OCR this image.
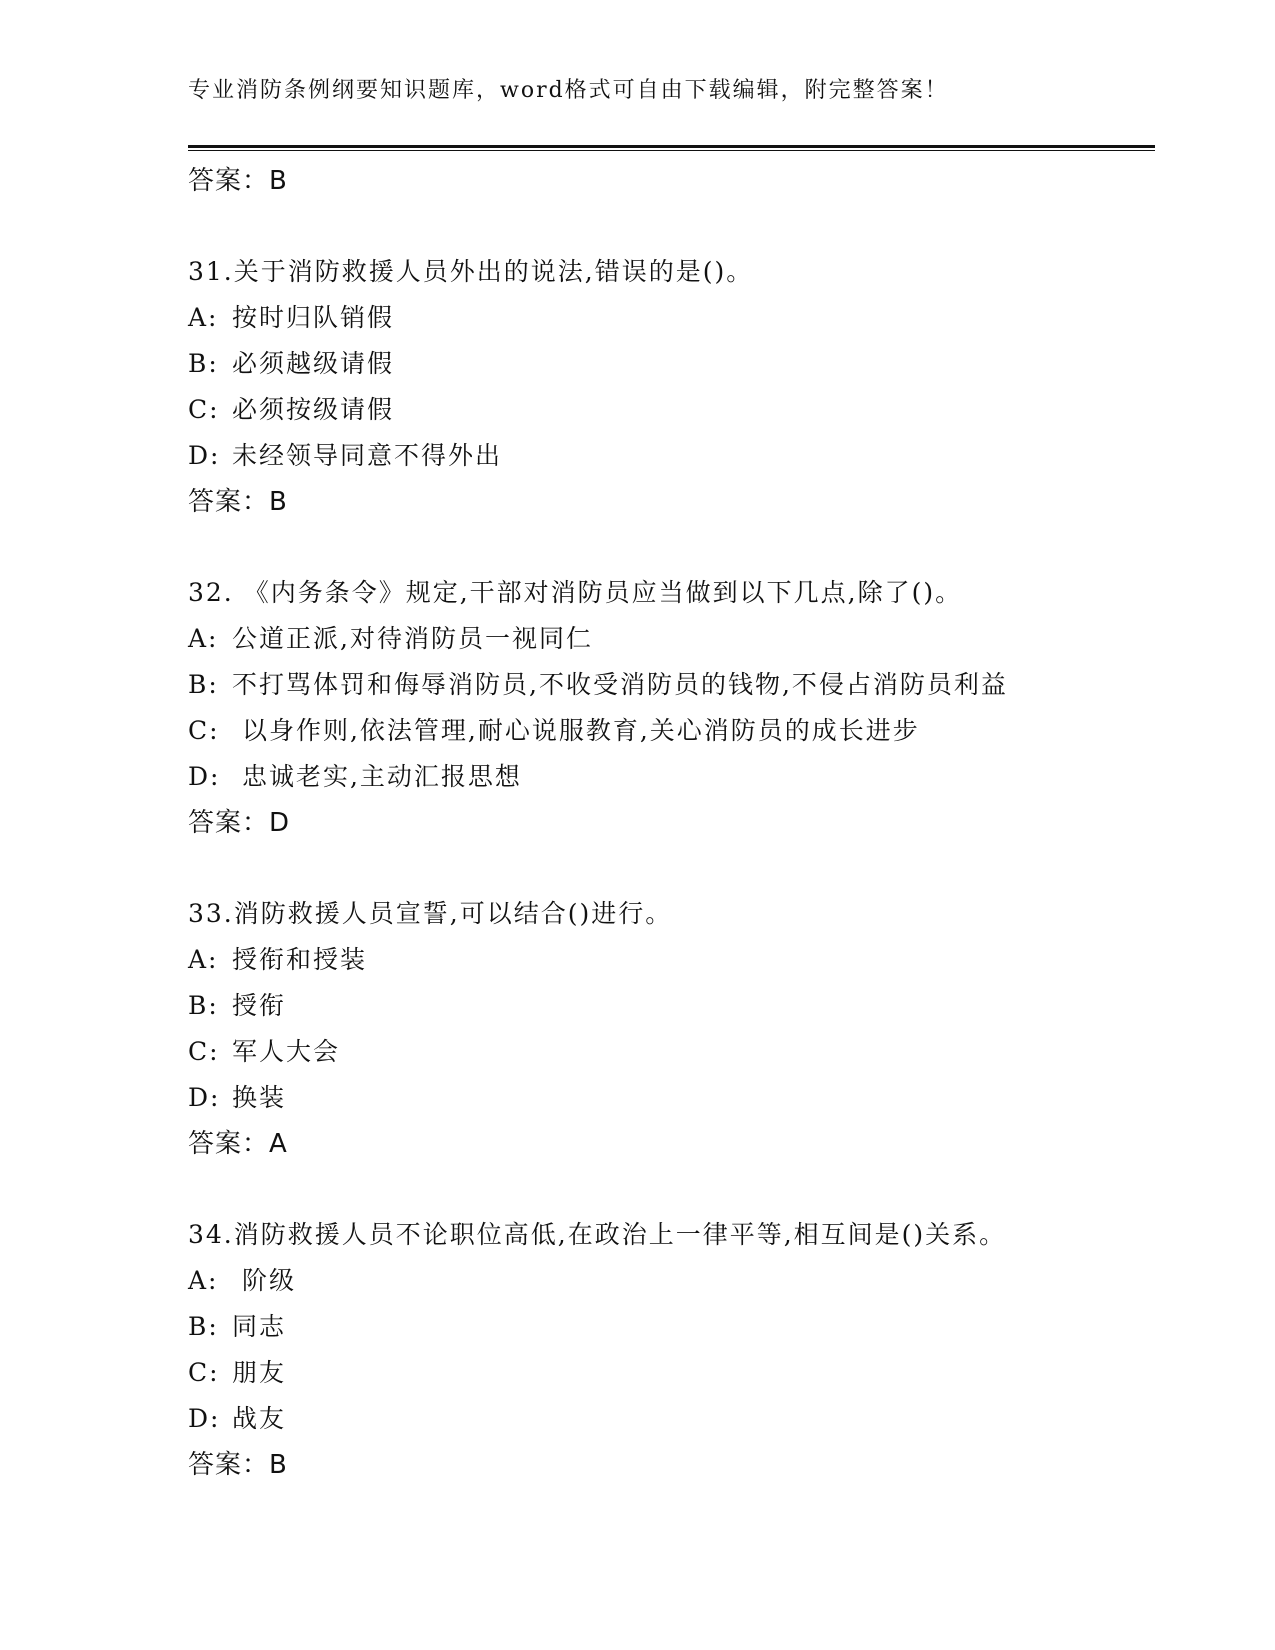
专业消防条例纲要知识题库，word格式可自由下载编辑，附完整答案！
答案：B
31.关于消防救援人员外出的说法,错误的是()。
A: 按时归队销假
B: 必须越级请假
C: 必须按级请假
D: 未经领导同意不得外出
答案：B
32. 《内务条令》规定,干部对消防员应当做到以下几点,除了()。
A: 公道正派,对待消防员一视同仁
B: 不打骂体罚和侮辱消防员,不收受消防员的钱物,不侵占消防员利益
C: 以身作则,依法管理,耐心说服教育,关心消防员的成长进步
D: 忠诚老实,主动汇报思想
答案：D
33.消防救援人员宣誓,可以结合()进行。
A: 授衔和授装
B: 授衔
C: 军人大会
D: 换装
答案：A
34.消防救援人员不论职位高低,在政治上一律平等,相互间是()关系。
A: 阶级
B: 同志
C: 朋友
D: 战友
答案：B
